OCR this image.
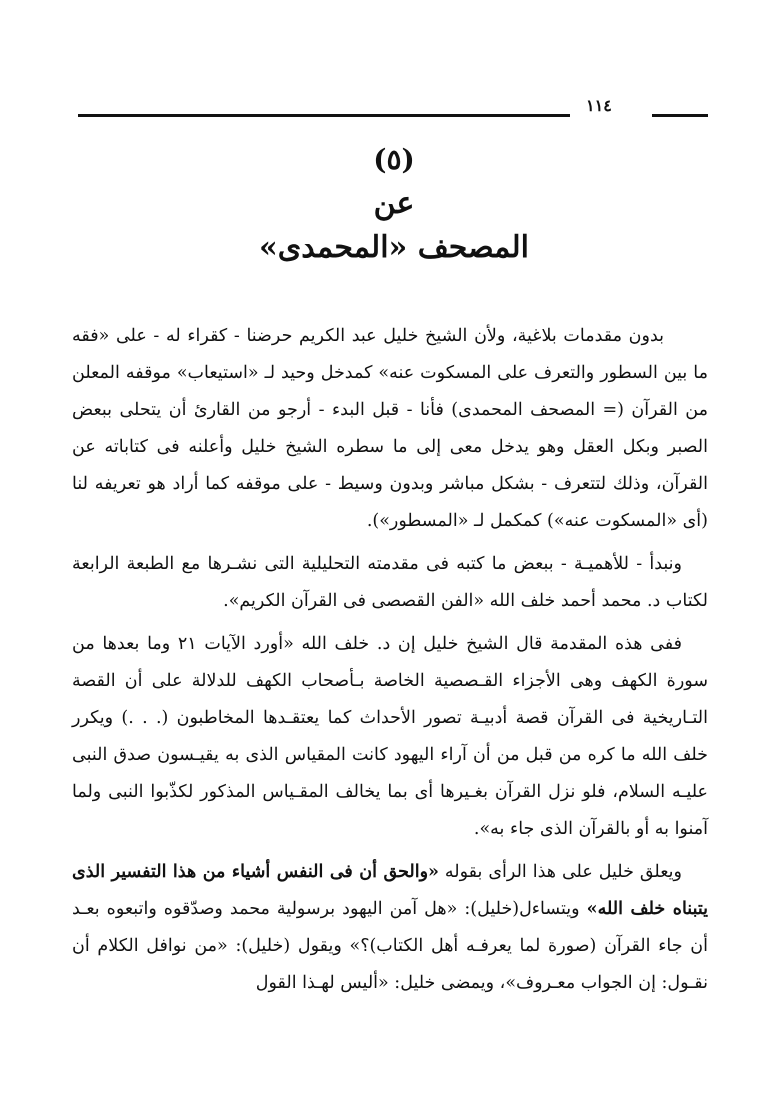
١١٤
(٥)
عن
المصحف «المحمدى»

بدون مقدمات بلاغية، ولأن الشيخ خليل عبد الكريم حرضنا - كقراء له - على «فقه ما بين السطور والتعرف على المسكوت عنه» كمدخل وحيد لـ «استيعاب» موقفه المعلن من القرآن (= المصحف المحمدى) فأنا - قبل البدء - أرجو من القارئ أن يتحلى ببعض الصبر وبكل العقل وهو يدخل معى إلى ما سطره الشيخ خليل وأعلنه فى كتاباته عن القرآن، وذلك لتتعرف - بشكل مباشر وبدون وسيط - على موقفه كما أراد هو تعريفه لنا (أى «المسكوت عنه») كمكمل لـ «المسطور»).

ونبدأ - للأهميـة - ببعض ما كتبه فى مقدمته التحليلية التى نشـرها مع الطبعة الرابعة لكتاب د. محمد أحمد خلف الله «الفن القصصى فى القرآن الكريم».

ففى هذه المقدمة قال الشيخ خليل إن د. خلف الله «أورد الآيات ٢١ وما بعدها من سورة الكهف وهى الأجزاء القـصصية الخاصة بـأصحاب الكهف للدلالة على أن القصة التـاريخية فى القرآن قصة أدبيـة تصور الأحداث كما يعتقـدها المخاطبون (. . .) ويكرر خلف الله ما كره من قبل من أن آراء اليهود كانت المقياس الذى به يقيـسون صدق النبى عليـه السلام، فلو نزل القرآن بغـيرها أى بما يخالف المقـياس المذكور لكذّبوا النبى ولما آمنوا به أو بالقرآن الذى جاء به».

ويعلق خليل على هذا الرأى بقوله «والحق أن فى النفس أشياء من هذا التفسير الذى يتبناه خلف الله» ويتساءل(خليل): «هل آمن اليهود برسولية محمد وصدّقوه واتبعوه بعـد أن جاء القرآن (صورة لما يعرفـه أهل الكتاب)؟» ويقول (خليل): «من نوافل الكلام أن نقـول: إن الجواب معـروف»، ويمضى خليل: «أليس لهـذا القول
